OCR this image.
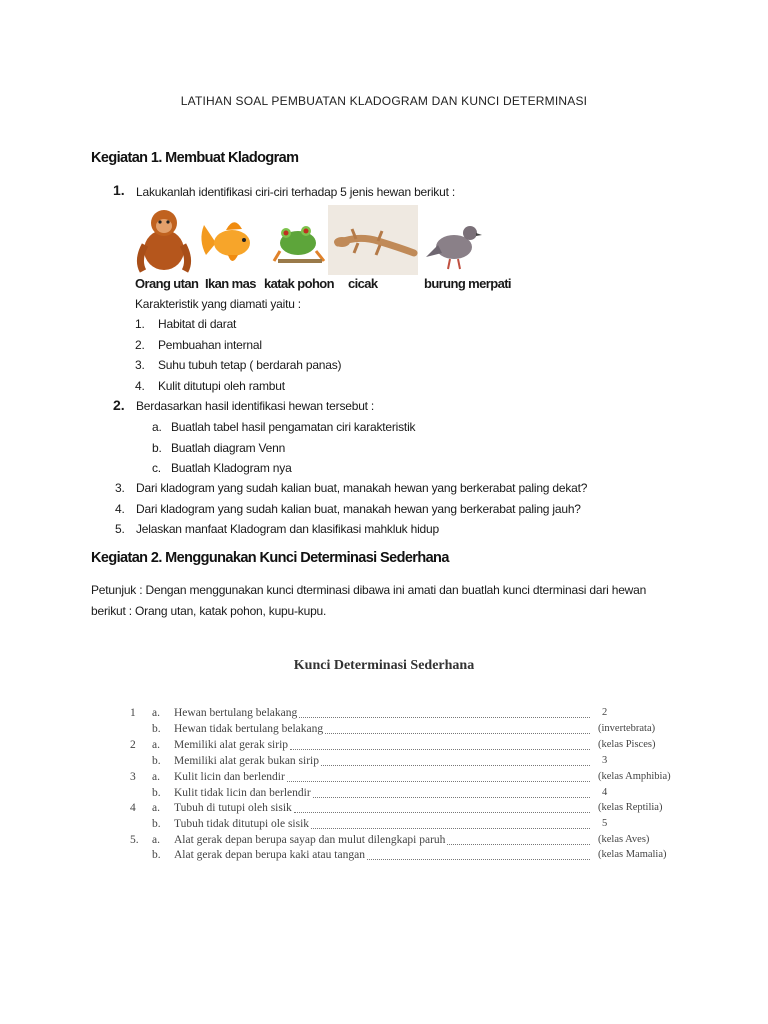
LATIHAN SOAL PEMBUATAN KLADOGRAM DAN KUNCI DETERMINASI
Kegiatan 1. Membuat Kladogram
1. Lakukanlah identifikasi ciri-ciri terhadap 5 jenis hewan berikut :
Orang utan Ikan mas katak pohon cicak	burung merpati
Karakteristik yang diamati yaitu :
1. Habitat di darat
2. Pembuahan internal
3. Suhu tubuh tetap ( berdarah panas)
4. Kulit ditutupi oleh rambut
2. Berdasarkan hasil identifikasi hewan tersebut :
a. Buatlah tabel hasil pengamatan ciri karakteristik
b. Buatlah diagram Venn
c. Buatlah Kladogram nya
3. Dari kladogram yang sudah kalian buat, manakah hewan yang berkerabat paling dekat?
4. Dari kladogram yang sudah kalian buat, manakah hewan yang berkerabat paling jauh?
5. Jelaskan manfaat Kladogram dan klasifikasi mahkluk hidup
Kegiatan 2. Menggunakan Kunci Determinasi Sederhana
Petunjuk : Dengan menggunakan kunci dterminasi dibawa ini amati dan buatlah kunci dterminasi dari hewan
berikut : Orang utan, katak pohon, kupu-kupu.
Kunci Determinasi Sederhana
1 a. Hewan bertulang belakang	2
b. Hewan tidak bertulang belakang	(invertebrata)
2 a. Memiliki alat gerak sirip	(kelas Pisces)
b. Memiliki alat gerak bukan sirip	3
3 a. Kulit licin dan berlendir	(kelas Amphibia)
b. Kulit tidak licin dan berlendir	4
4 a. Tubuh di tutupi oleh sisik	(kelas Reptilia)
b. Tubuh tidak ditutupi ole sisik	5
5. a. Alat gerak depan berupa sayap dan mulut dilengkapi paruh	(kelas Aves)
b. Alat gerak depan berupa kaki atau tangan	(kelas Mamalia)
